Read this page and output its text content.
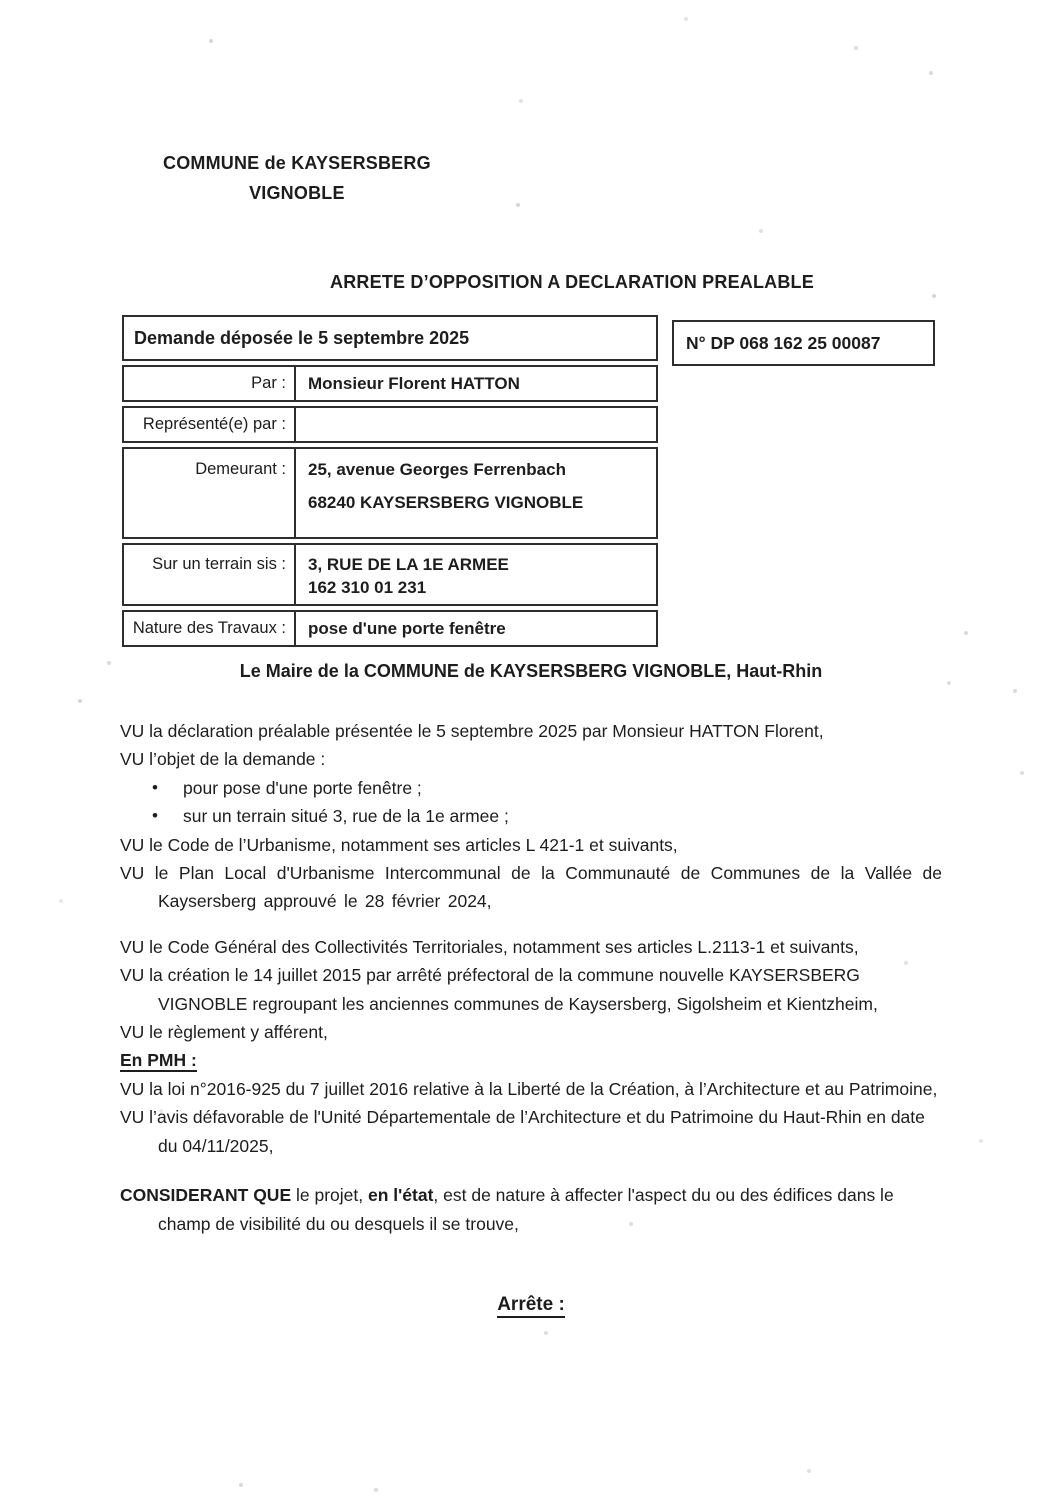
COMMUNE de KAYSERSBERG
VIGNOBLE
ARRETE D’OPPOSITION A DECLARATION PREALABLE
Demande déposée le 5 septembre 2025
Par : Monsieur Florent HATTON
Représenté(e) par :
Demeurant : 25, avenue Georges Ferrenbach
68240 KAYSERSBERG VIGNOBLE
Sur un terrain sis : 3, RUE DE LA 1E ARMEE
162 310 01 231
Nature des Travaux : pose d'une porte fenêtre
N° DP 068 162 25 00087
Le Maire de la COMMUNE de KAYSERSBERG VIGNOBLE, Haut-Rhin

VU la déclaration préalable présentée le 5 septembre 2025 par Monsieur HATTON Florent,

VU l’objet de la demande :

• pour pose d'une porte fenêtre ;
• sur un terrain situé 3, rue de la 1e armee ;

VU le Code de l’Urbanisme, notamment ses articles L 421-1 et suivants,

VU le Plan Local d'Urbanisme Intercommunal de la Communauté de Communes de la Vallée de Kaysersberg approuvé le 28 février 2024,

VU le Code Général des Collectivités Territoriales, notamment ses articles L.2113-1 et suivants,

VU la création le 14 juillet 2015 par arrêté préfectoral de la commune nouvelle KAYSERSBERG VIGNOBLE regroupant les anciennes communes de Kaysersberg, Sigolsheim et Kientzheim,

VU le règlement y afférent,

En PMH :

VU la loi n°2016-925 du 7 juillet 2016 relative à la Liberté de la Création, à l’Architecture et au Patrimoine,

VU l’avis défavorable de l'Unité Départementale de l’Architecture et du Patrimoine du Haut-Rhin en date du 04/11/2025,

CONSIDERANT QUE le projet, en l'état, est de nature à affecter l'aspect du ou des édifices dans le champ de visibilité du ou desquels il se trouve,

Arrête :
